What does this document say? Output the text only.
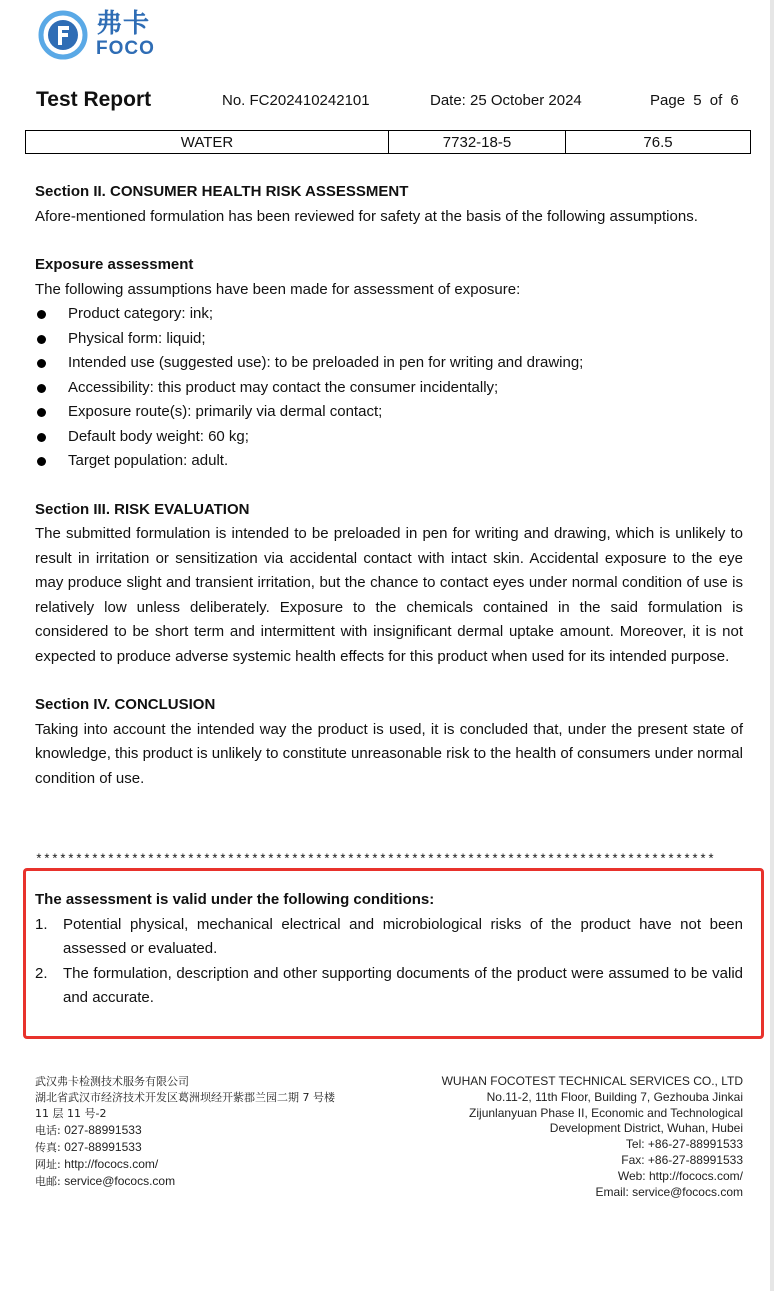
弗卡
FOCO
Test Report	No. FC202410242101	Date: 25 October 2024	Page 5 of 6
WATER	7732-18-5	76.5

Section II. CONSUMER HEALTH RISK ASSESSMENT

Afore-mentioned formulation has been reviewed for safety at the basis of the following assumptions.

Exposure assessment

The following assumptions have been made for assessment of exposure:

Product category: ink;
Physical form: liquid;
Intended use (suggested use): to be preloaded in pen for writing and drawing;
Accessibility: this product may contact the consumer incidentally;
Exposure route(s): primarily via dermal contact;
Default body weight: 60 kg;
Target population: adult.

Section III. RISK EVALUATION

The submitted formulation is intended to be preloaded in pen for writing and drawing, which is unlikely to result in irritation or sensitization via accidental contact with intact skin. Accidental exposure to the eye may produce slight and transient irritation, but the chance to contact eyes under normal condition of use is relatively low unless deliberately. Exposure to the chemicals contained in the said formulation is considered to be short term and intermittent with insignificant dermal uptake amount. Moreover, it is not expected to produce adverse systemic health effects for this product when used for its intended purpose.

Section IV. CONCLUSION

Taking into account the intended way the product is used, it is concluded that, under the present state of knowledge, this product is unlikely to constitute unreasonable risk to the health of consumers under normal condition of use.

*************************************************************************************

The assessment is valid under the following conditions:

1. Potential physical, mechanical electrical and microbiological risks of the product have not been assessed or evaluated.
2. The formulation, description and other supporting documents of the product were assumed to be valid and accurate.
武汉弗卡检测技术服务有限公司
湖北省武汉市经济技术开发区葛洲坝经开紫郡兰园二期 7 号楼
11 层 11 号-2
电话: 027-88991533
传真: 027-88991533
网址: http://fococs.com/
电邮: service@fococs.com
WUHAN FOCOTEST TECHNICAL SERVICES CO., LTD
No.11-2, 11th Floor, Building 7, Gezhouba Jinkai
Zijunlanyuan Phase II, Economic and Technological
Development District, Wuhan, Hubei
Tel: +86-27-88991533
Fax: +86-27-88991533
Web: http://fococs.com/
Email: service@fococs.com
